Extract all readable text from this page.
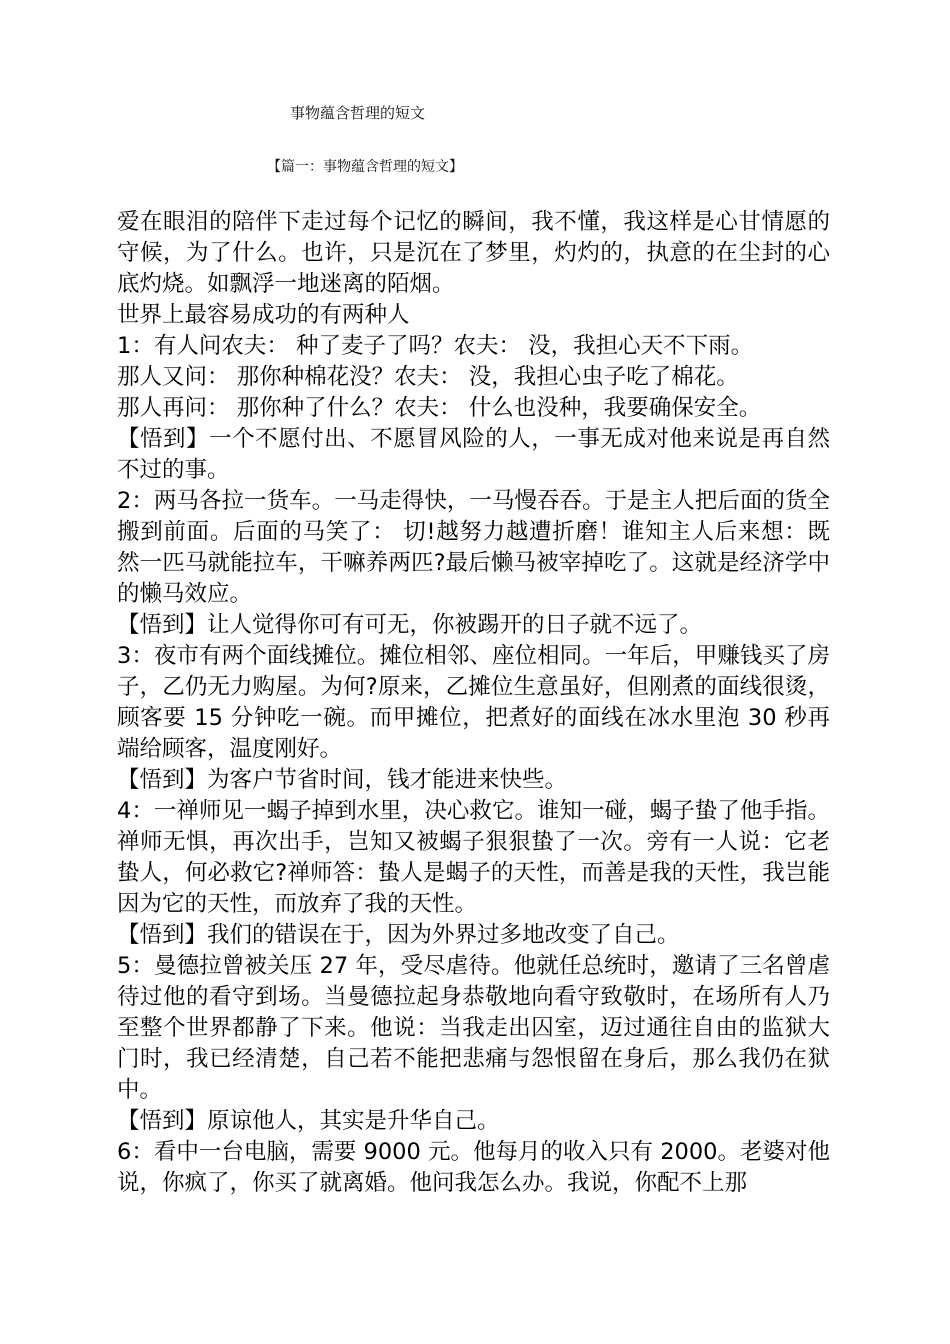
事物蕴含哲理的短文
【篇一：事物蕴含哲理的短文】

爱在眼泪的陪伴下走过每个记忆的瞬间，我不懂，我这样是心甘情愿的守候，为了什么。也许，只是沉在了梦里，灼灼的，执意的在尘封的心底灼烧。如飘浮一地迷离的陌烟。

世界上最容易成功的有两种人

1：有人问农夫： 种了麦子了吗？农夫： 没，我担心天不下雨。

那人又问： 那你种棉花没？农夫： 没，我担心虫子吃了棉花。

那人再问： 那你种了什么？农夫： 什么也没种，我要确保安全。

【悟到】一个不愿付出、不愿冒风险的人，一事无成对他来说是再自然不过的事。

2：两马各拉一货车。一马走得快，一马慢吞吞。于是主人把后面的货全搬到前面。后面的马笑了： 切!越努力越遭折磨！谁知主人后来想：既然一匹马就能拉车，干嘛养两匹?最后懒马被宰掉吃了。这就是经济学中的懒马效应。

【悟到】让人觉得你可有可无，你被踢开的日子就不远了。

3：夜市有两个面线摊位。摊位相邻、座位相同。一年后，甲赚钱买了房子，乙仍无力购屋。为何?原来，乙摊位生意虽好，但刚煮的面线很烫，顾客要 15 分钟吃一碗。而甲摊位，把煮好的面线在冰水里泡 30 秒再端给顾客，温度刚好。

【悟到】为客户节省时间，钱才能进来快些。

4：一禅师见一蝎子掉到水里，决心救它。谁知一碰，蝎子蛰了他手指。禅师无惧，再次出手，岂知又被蝎子狠狠蛰了一次。旁有一人说：它老蛰人，何必救它?禅师答：蛰人是蝎子的天性，而善是我的天性，我岂能因为它的天性，而放弃了我的天性。

【悟到】我们的错误在于，因为外界过多地改变了自己。

5：曼德拉曾被关压 27 年，受尽虐待。他就任总统时，邀请了三名曾虐待过他的看守到场。当曼德拉起身恭敬地向看守致敬时，在场所有人乃至整个世界都静了下来。他说：当我走出囚室，迈过通往自由的监狱大门时，我已经清楚，自己若不能把悲痛与怨恨留在身后，那么我仍在狱中。

【悟到】原谅他人，其实是升华自己。

6：看中一台电脑，需要 9000 元。他每月的收入只有 2000。老婆对他说，你疯了，你买了就离婚。他问我怎么办。我说，你配不上那
